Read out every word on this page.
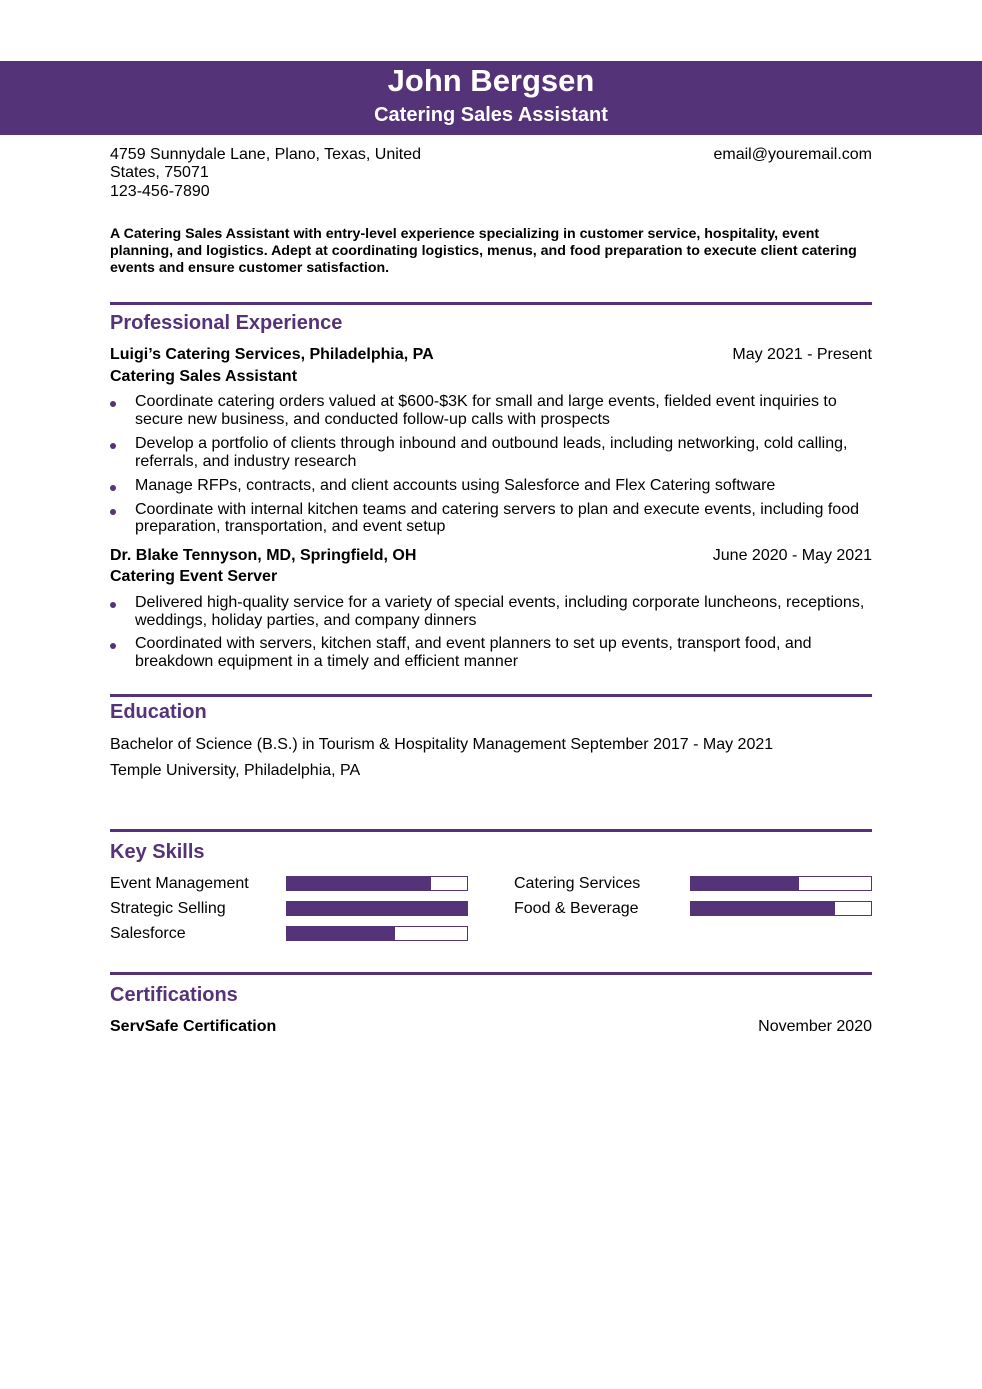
John Bergsen
Catering Sales Assistant
4759 Sunnydale Lane, Plano, Texas, United States, 75071
123-456-7890
email@youremail.com
A Catering Sales Assistant with entry-level experience specializing in customer service, hospitality, event planning, and logistics. Adept at coordinating logistics, menus, and food preparation to execute client catering events and ensure customer satisfaction.
Professional Experience
Luigi’s Catering Services, Philadelphia, PA	May 2021 - Present
Catering Sales Assistant
Coordinate catering orders valued at $600-$3K for small and large events, fielded event inquiries to secure new business, and conducted follow-up calls with prospects
Develop a portfolio of clients through inbound and outbound leads, including networking, cold calling, referrals, and industry research
Manage RFPs, contracts, and client accounts using Salesforce and Flex Catering software
Coordinate with internal kitchen teams and catering servers to plan and execute events, including food preparation, transportation, and event setup
Dr. Blake Tennyson, MD, Springfield, OH	June 2020 - May 2021
Catering Event Server
Delivered high-quality service for a variety of special events, including corporate luncheons, receptions, weddings, holiday parties, and company dinners
Coordinated with servers, kitchen staff, and event planners to set up events, transport food, and breakdown equipment in a timely and efficient manner
Education
Bachelor of Science (B.S.) in Tourism & Hospitality Management September 2017 - May 2021
Temple University, Philadelphia, PA
Key Skills
Event Management	Catering Services
Strategic Selling	Food & Beverage
Salesforce
Certifications
ServSafe Certification	November 2020
